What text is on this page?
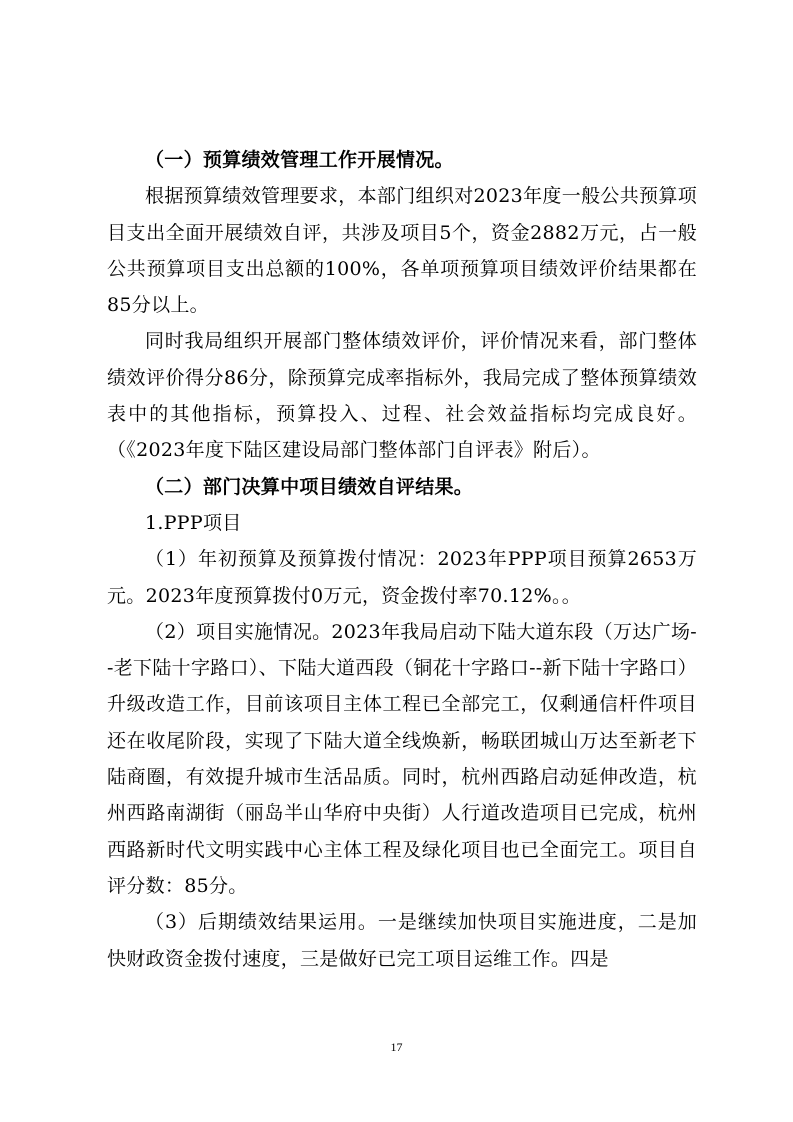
（一）预算绩效管理工作开展情况。

根据预算绩效管理要求，本部门组织对2023年度一般公共预算项目支出全面开展绩效自评，共涉及项目5个，资金2882万元，占一般公共预算项目支出总额的100%，各单项预算项目绩效评价结果都在85分以上。

同时我局组织开展部门整体绩效评价，评价情况来看，部门整体绩效评价得分86分，除预算完成率指标外，我局完成了整体预算绩效表中的其他指标，预算投入、过程、社会效益指标均完成良好。（《2023年度下陆区建设局部门整体部门自评表》附后）。

（二）部门决算中项目绩效自评结果。

1.PPP项目

（1）年初预算及预算拨付情况：2023年PPP项目预算2653万元。2023年度预算拨付0万元，资金拨付率70.12%。。

（2）项目实施情况。2023年我局启动下陆大道东段（万达广场--老下陆十字路口）、下陆大道西段（铜花十字路口--新下陆十字路口）升级改造工作，目前该项目主体工程已全部完工，仅剩通信杆件项目还在收尾阶段，实现了下陆大道全线焕新，畅联团城山万达至新老下陆商圈，有效提升城市生活品质。同时，杭州西路启动延伸改造，杭州西路南湖街（丽岛半山华府中央街）人行道改造项目已完成，杭州西路新时代文明实践中心主体工程及绿化项目也已全面完工。项目自评分数：85分。

（3）后期绩效结果运用。一是继续加快项目实施进度，二是加快财政资金拨付速度，三是做好已完工项目运维工作。四是

17
